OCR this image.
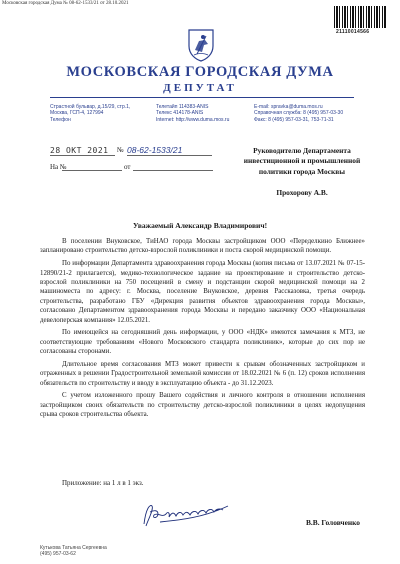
Московская городская Дума № 08-62-1533/21 от 28.10.2021
21110014566
МОСКОВСКАЯ ГОРОДСКАЯ ДУМА
ДЕПУТАТ
Страстной бульвар, д.15/29, стр.1,
Москва, ГСП-4, 127994
Телефон
Телетайп 114383-ANIS
Телекс 414178-ANIS
Internet: http://www.duma.mos.ru
E-mail: spravka@duma.mos.ru
Справочная служба: 8 (495) 957-03-30
Факс: 8 (495) 957-03-31, 753-71-31
28 ОКТ 2021	№ 08-62-1533/21
На №	от
Руководителю Департамента инвестиционной и промышленной политики города Москвы
Прохорову А.В.
Уважаемый Александр Владимирович!

В поселении Внуковское, ТиНАО города Москвы застройщиком ООО «Переделкино Ближнее» запланировано строительство детско-взрослой поликлиники и поста скорой медицинской помощи.

По информации Департамента здравоохранения города Москвы (копия письма от 13.07.2021 № 07-15-12890/21-2 прилагается), медико-технологическое задание на проектирование и строительство детско-взрослой поликлиники на 750 посещений в смену и подстанции скорой медицинской помощи на 2 машиноместа по адресу: г. Москва, поселение Внуковское, деревня Рассказовка, третья очередь строительства, разработано ГБУ «Дирекция развития объектов здравоохранения города Москвы», согласовано Департаментом здравоохранения города Москвы и передано заказчику ООО «Национальная девелоперская компания» 12.05.2021.

По имеющейся на сегодняшний день информации, у ООО «НДК» имеются замечания к МТЗ, не соответствующие требованиям «Нового Московского стандарта поликлиник», которые до сих пор не согласованы сторонами.

Длительное время согласования МТЗ может привести к срывам обозначенных застройщиком и отраженных в решении Градостроительной земельной комиссии от 18.02.2021 № 6 (п. 12) сроков исполнения обязательств по строительству и вводу в эксплуатацию объекта - до 31.12.2023.

С учетом изложенного прошу Вашего содействия и личного контроля в отношении исполнения застройщиком своих обязательств по строительству детско-взрослой поликлиники в целях недопущения срыва сроков строительства объекта.

Приложение: на 1 л в 1 экз.
В.В. Головченко
Кутькова Татьяна Сергеевна
(495) 957-03-62
